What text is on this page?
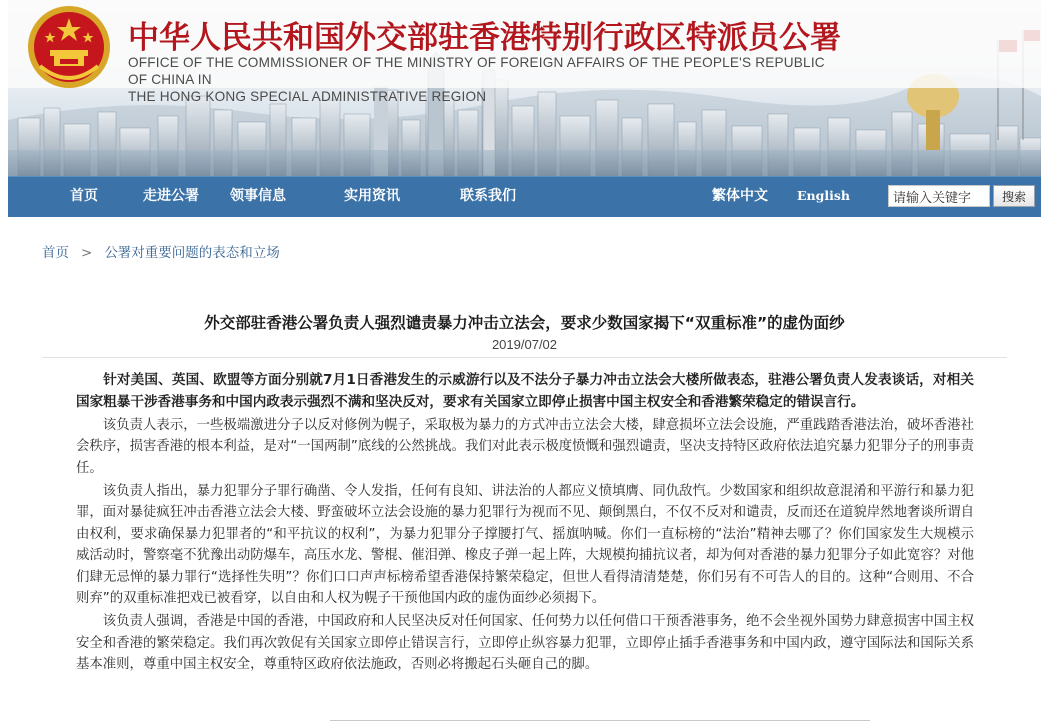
中华人民共和国外交部驻香港特别行政区特派员公署
OFFICE OF THE COMMISSIONER OF THE MINISTRY OF FOREIGN AFFAIRS OF THE PEOPLE'S REPUBLIC OF CHINA IN
THE HONG KONG SPECIAL ADMINISTRATIVE REGION
首页	走进公署 领事信息	实用资讯	联系我们	繁体中文 English
请输入关键字	搜索
首页 > 公署对重要问题的表态和立场
外交部驻香港公署负责人强烈谴责暴力冲击立法会，要求少数国家揭下“双重标准”的虚伪面纱
2019/07/02

针对美国、英国、欧盟等方面分别就7月1日香港发生的示威游行以及不法分子暴力冲击立法会大楼所做表态，驻港公署负责人发表谈话，对相关国家粗暴干涉香港事务和中国内政表示强烈不满和坚决反对，要求有关国家立即停止损害中国主权安全和香港繁荣稳定的错误言行。

该负责人表示，一些极端激进分子以反对修例为幌子，采取极为暴力的方式冲击立法会大楼，肆意损坏立法会设施，严重践踏香港法治，破坏香港社会秩序，损害香港的根本利益，是对“一国两制”底线的公然挑战。我们对此表示极度愤慨和强烈谴责，坚决支持特区政府依法追究暴力犯罪分子的刑事责任。

该负责人指出，暴力犯罪分子罪行确凿、令人发指，任何有良知、讲法治的人都应义愤填膺、同仇敌忾。少数国家和组织故意混淆和平游行和暴力犯罪，面对暴徒疯狂冲击香港立法会大楼、野蛮破坏立法会设施的暴力犯罪行为视而不见、颠倒黑白，不仅不反对和谴责，反而还在道貌岸然地奢谈所谓自由权利，要求确保暴力犯罪者的“和平抗议的权利”，为暴力犯罪分子撑腰打气、摇旗呐喊。你们一直标榜的“法治”精神去哪了？你们国家发生大规模示威活动时，警察毫不犹豫出动防爆车，高压水龙、警棍、催泪弹、橡皮子弹一起上阵，大规模拘捕抗议者，却为何对香港的暴力犯罪分子如此宽容？对他们肆无忌惮的暴力罪行“选择性失明”？你们口口声声标榜希望香港保持繁荣稳定，但世人看得清清楚楚，你们另有不可告人的目的。这种“合则用、不合则弃”的双重标准把戏已被看穿，以自由和人权为幌子干预他国内政的虚伪面纱必须揭下。

该负责人强调，香港是中国的香港，中国政府和人民坚决反对任何国家、任何势力以任何借口干预香港事务，绝不会坐视外国势力肆意损害中国主权安全和香港的繁荣稳定。我们再次敦促有关国家立即停止错误言行，立即停止纵容暴力犯罪，立即停止插手香港事务和中国内政，遵守国际法和国际关系基本准则，尊重中国主权安全，尊重特区政府依法施政，否则必将搬起石头砸自己的脚。
